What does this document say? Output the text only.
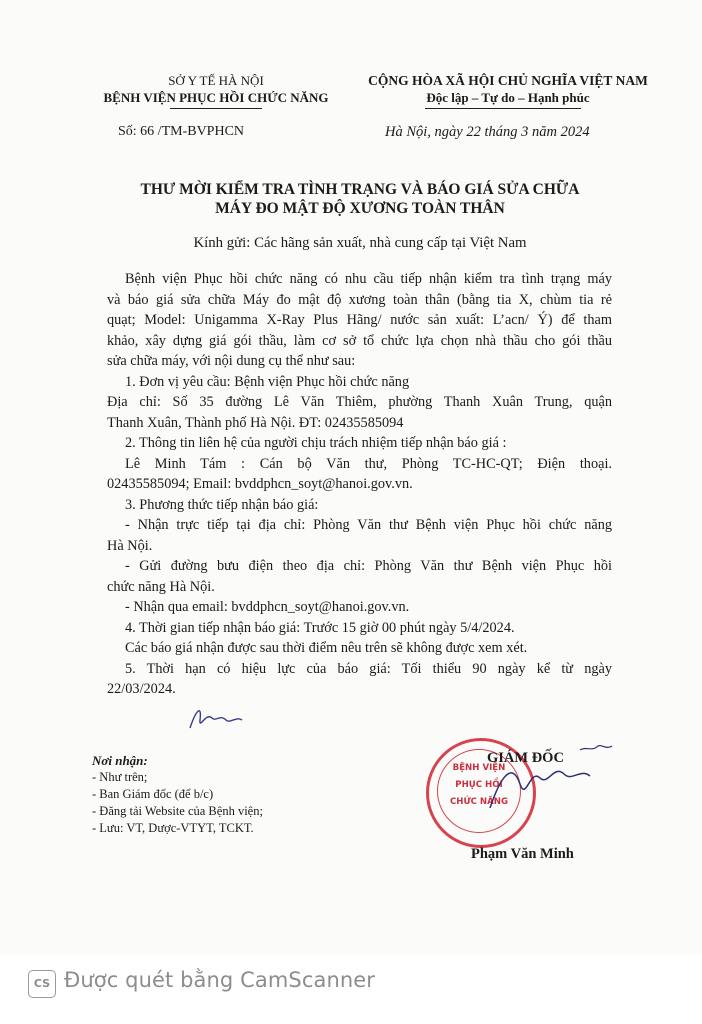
SỞ Y TẾ HÀ NỘI
BỆNH VIỆN PHỤC HỒI CHỨC NĂNG
CỘNG HÒA XÃ HỘI CHỦ NGHĨA VIỆT NAM
Độc lập – Tự do – Hạnh phúc
Số: 66 /TM-BVPHCN	Hà Nội, ngày 22 tháng 3 năm 2024
THƯ MỜI KIỂM TRA TÌNH TRẠNG VÀ BÁO GIÁ SỬA CHỮA
MÁY ĐO MẬT ĐỘ XƯƠNG TOÀN THÂN
Kính gửi: Các hãng sản xuất, nhà cung cấp tại Việt Nam
Bệnh viện Phục hồi chức năng có nhu cầu tiếp nhận kiểm tra tình trạng máy
và báo giá sửa chữa Máy đo mật độ xương toàn thân (bằng tia X, chùm tia rẻ
quạt; Model: Unigamma X-Ray Plus Hãng/ nước sản xuất: L’acn/ Ý) để tham
khảo, xây dựng giá gói thầu, làm cơ sở tổ chức lựa chọn nhà thầu cho gói thầu
sửa chữa máy, với nội dung cụ thể như sau:
1. Đơn vị yêu cầu: Bệnh viện Phục hồi chức năng
Địa chỉ: Số 35 đường Lê Văn Thiêm, phường Thanh Xuân Trung, quận
Thanh Xuân, Thành phố Hà Nội. ĐT: 02435585094
2. Thông tin liên hệ của người chịu trách nhiệm tiếp nhận báo giá :
Lê Minh Tám : Cán bộ Văn thư, Phòng TC-HC-QT; Điện thoại.
02435585094; Email: bvddphcn_soyt@hanoi.gov.vn.
3. Phương thức tiếp nhận báo giá:
- Nhận trực tiếp tại địa chỉ: Phòng Văn thư Bệnh viện Phục hồi chức năng
Hà Nội.
- Gửi đường bưu điện theo địa chỉ: Phòng Văn thư Bệnh viện Phục hồi
chức năng Hà Nội.
- Nhận qua email: bvddphcn_soyt@hanoi.gov.vn.
4. Thời gian tiếp nhận báo giá: Trước 15 giờ 00 phút ngày 5/4/2024.
Các báo giá nhận được sau thời điểm nêu trên sẽ không được xem xét.
5. Thời hạn có hiệu lực của báo giá: Tối thiểu 90 ngày kể từ ngày
22/03/2024.
Nơi nhận:
- Như trên;
- Ban Giám đốc (để b/c)
- Đăng tải Website của Bệnh viện;
- Lưu: VT, Dược-VTYT, TCKT.
BỆNH VIỆN
PHỤC HỒI
CHỨC NĂNG
GIÁM ĐỐC
Phạm Văn Minh
CS Được quét bằng CamScanner
